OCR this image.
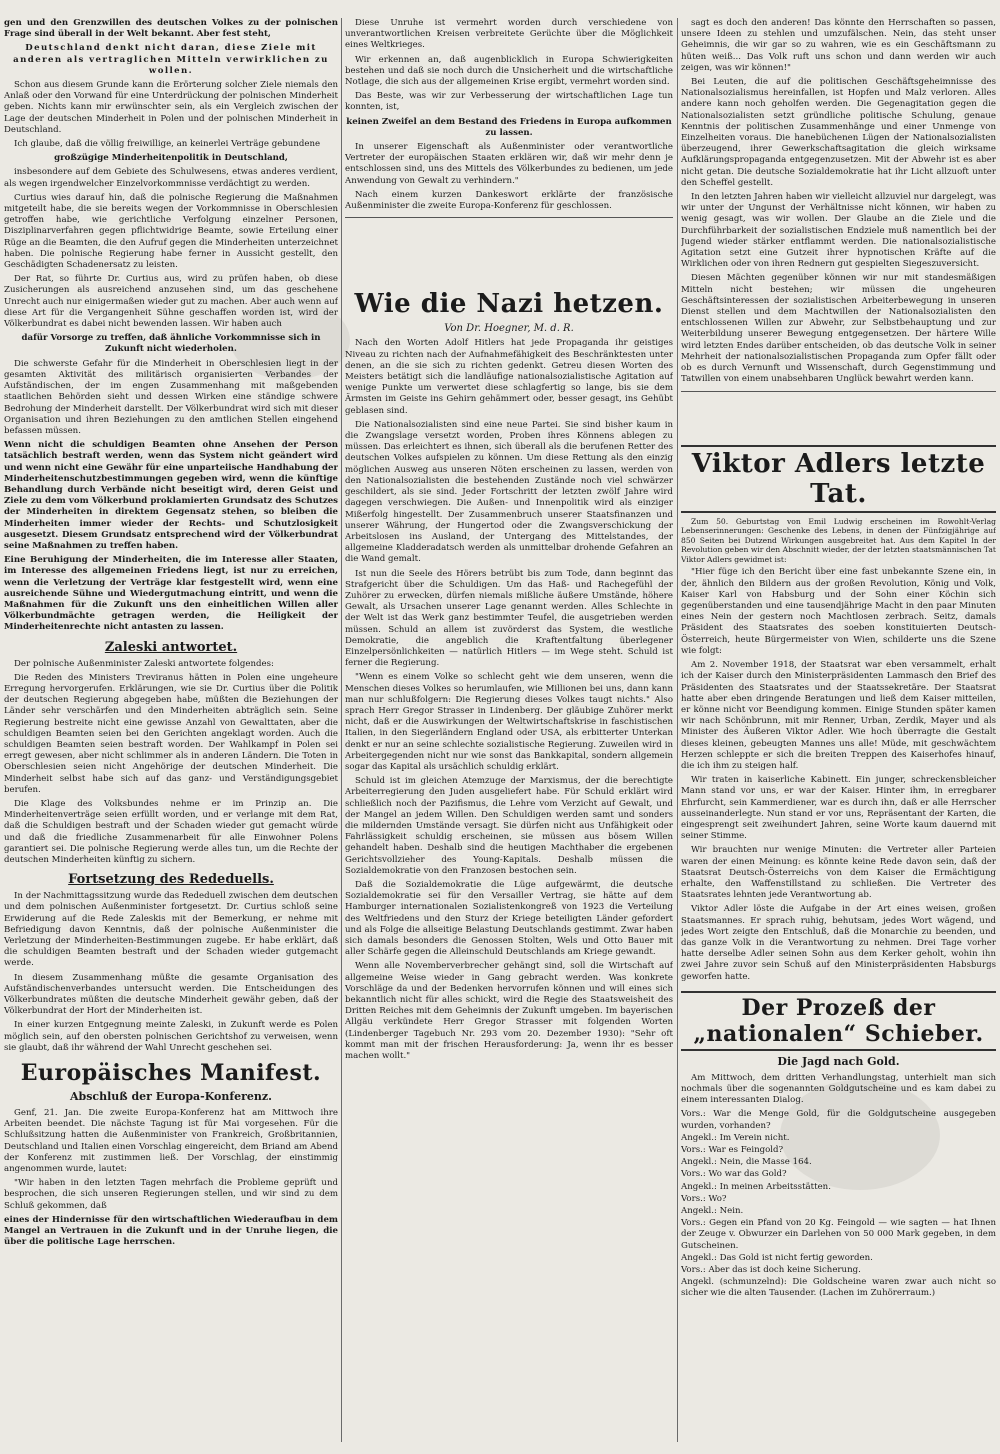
gen und den Grenzwillen des deutschen Volkes zu der polnischen Frage sind überall in der Welt bekannt. Aber fest steht,

Deutschland denkt nicht daran, diese Ziele mit anderen als vertraglichen Mitteln verwirklichen zu wollen.

Schon aus diesem Grunde kann die Erörterung solcher Ziele niemals den Anlaß oder den Vorwand für eine Unterdrückung der polnischen Minderheit geben. Nichts kann mir erwünschter sein, als ein Vergleich zwischen der Lage der deutschen Minderheit in Polen und der polnischen Minderheit in Deutschland.

Ich glaube, daß die völlig freiwillige, an keinerlei Verträge gebundene

großzügige Minderheitenpolitik in Deutschland,

insbesondere auf dem Gebiete des Schulwesens, etwas anderes verdient, als wegen irgendwelcher Einzelvorkommnisse verdächtigt zu werden.

Curtius wies darauf hin, daß die polnische Regierung die Maßnahmen mitgeteilt habe, die sie bereits wegen der Vorkommnisse in Oberschlesien getroffen habe, wie gerichtliche Verfolgung einzelner Personen, Disziplinarverfahren gegen pflichtwidrige Beamte, sowie Erteilung einer Rüge an die Beamten, die den Aufruf gegen die Minderheiten unterzeichnet haben. Die polnische Regierung habe ferner in Aussicht gestellt, den Geschädigten Schadenersatz zu leisten.

Der Rat, so führte Dr. Curtius aus, wird zu prüfen haben, ob diese Zusicherungen als ausreichend anzusehen sind, um das geschehene Unrecht auch nur einigermaßen wieder gut zu machen. Aber auch wenn auf diese Art für die Vergangenheit Sühne geschaffen worden ist, wird der Völkerbundrat es dabei nicht bewenden lassen. Wir haben auch

dafür Vorsorge zu treffen, daß ähnliche Vorkommnisse sich in Zukunft nicht wiederholen.

Die schwerste Gefahr für die Minderheit in Oberschlesien liegt in der gesamten Aktivität des militärisch organisierten Verbandes der Aufständischen, der im engen Zusammenhang mit maßgebenden staatlichen Behörden sieht und dessen Wirken eine ständige schwere Bedrohung der Minderheit darstellt. Der Völkerbundrat wird sich mit dieser Organisation und ihren Beziehungen zu den amtlichen Stellen eingehend befassen müssen.

Wenn nicht die schuldigen Beamten ohne Ansehen der Person tatsächlich bestraft werden, wenn das System nicht geändert wird und wenn nicht eine Gewähr für eine unparteiische Handhabung der Minderheitenschutzbestimmungen gegeben wird, wenn die künftige Behandlung durch Verbände nicht beseitigt wird, deren Geist und Ziele zu dem vom Völkerbund proklamierten Grundsatz des Schutzes der Minderheiten in direktem Gegensatz stehen, so bleiben die Minderheiten immer wieder der Rechts- und Schutzlosigkeit ausgesetzt. Diesem Grundsatz entsprechend wird der Völkerbundrat seine Maßnahmen zu treffen haben.

Eine Beruhigung der Minderheiten, die im Interesse aller Staaten, im Interesse des allgemeinen Friedens liegt, ist nur zu erreichen, wenn die Verletzung der Verträge klar festgestellt wird, wenn eine ausreichende Sühne und Wiedergutmachung eintritt, und wenn die Maßnahmen für die Zukunft uns den einheitlichen Willen aller Völkerbundmächte getragen werden, die Heiligkeit der Minderheitenrechte nicht antasten zu lassen.

Zaleski antwortet.

Der polnische Außenminister Zaleski antwortete folgendes:

Die Reden des Ministers Treviranus hätten in Polen eine ungeheure Erregung hervorgerufen. Erklärungen, wie sie Dr. Curtius über die Politik der deutschen Regierung abgegeben habe, müßten die Beziehungen der Länder sehr verschärfen und den Minderheiten abträglich sein. Seine Regierung bestreite nicht eine gewisse Anzahl von Gewalttaten, aber die schuldigen Beamten seien bei den Gerichten angeklagt worden. Auch die schuldigen Beamten seien bestraft worden. Der Wahlkampf in Polen sei erregt gewesen, aber nicht schlimmer als in anderen Ländern. Die Toten in Oberschlesien seien nicht Angehörige der deutschen Minderheit. Die Minderheit selbst habe sich auf das ganz- und Verständigungsgebiet berufen.

Die Klage des Volksbundes nehme er im Prinzip an. Die Minderheitenverträge seien erfüllt worden, und er verlange mit dem Rat, daß die Schuldigen bestraft und der Schaden wieder gut gemacht würde und daß die friedliche Zusammenarbeit für alle Einwohner Polens garantiert sei. Die polnische Regierung werde alles tun, um die Rechte der deutschen Minderheiten künftig zu sichern.

Fortsetzung des Rededuells.

In der Nachmittagssitzung wurde das Rededuell zwischen dem deutschen und dem polnischen Außenminister fortgesetzt. Dr. Curtius schloß seine Erwiderung auf die Rede Zaleskis mit der Bemerkung, er nehme mit Befriedigung davon Kenntnis, daß der polnische Außenminister die Verletzung der Minderheiten-Bestimmungen zugebe. Er habe erklärt, daß die schuldigen Beamten bestraft und der Schaden wieder gutgemacht werde.

In diesem Zusammenhang müßte die gesamte Organisation des Aufständischenverbandes untersucht werden. Die Entscheidungen des Völkerbundrates müßten die deutsche Minderheit gewähr geben, daß der Völkerbundrat der Hort der Minderheiten ist.

In einer kurzen Entgegnung meinte Zaleski, in Zukunft werde es Polen möglich sein, auf den obersten polnischen Gerichtshof zu verweisen, wenn sie glaubt, daß ihr während der Wahl Unrecht geschehen sei.

Europäisches Manifest.
Abschluß der Europa-Konferenz.

Genf, 21. Jan. Die zweite Europa-Konferenz hat am Mittwoch ihre Arbeiten beendet. Die nächste Tagung ist für Mai vorgesehen. Für die Schlußsitzung hatten die Außenminister von Frankreich, Großbritannien, Deutschland und Italien einen Vorschlag eingereicht, dem Briand am Abend der Konferenz mit zustimmen ließ. Der Vorschlag, der einstimmig angenommen wurde, lautet:

"Wir haben in den letzten Tagen mehrfach die Probleme geprüft und besprochen, die sich unseren Regierungen stellen, und wir sind zu dem Schluß gekommen, daß

eines der Hindernisse für den wirtschaftlichen Wiederaufbau in dem Mangel an Vertrauen in die Zukunft und in der Unruhe liegen, die über die politische Lage herrschen.

Diese Unruhe ist vermehrt worden durch verschiedene von unverantwortlichen Kreisen verbreitete Gerüchte über die Möglichkeit eines Weltkrieges.

Wir erkennen an, daß augenblicklich in Europa Schwierigkeiten bestehen und daß sie noch durch die Unsicherheit und die wirtschaftliche Notlage, die sich aus der allgemeinen Krise ergibt, vermehrt worden sind.

Das Beste, was wir zur Verbesserung der wirtschaftlichen Lage tun konnten, ist,

keinen Zweifel an dem Bestand des Friedens in Europa aufkommen zu lassen.

In unserer Eigenschaft als Außenminister oder verantwortliche Vertreter der europäischen Staaten erklären wir, daß wir mehr denn je entschlossen sind, uns des Mittels des Völkerbundes zu bedienen, um jede Anwendung von Gewalt zu verhindern."

Nach einem kurzen Dankeswort erklärte der französische Außenminister die zweite Europa-Konferenz für geschlossen.

Wie die Nazi hetzen.
Von Dr. Hoegner, M. d. R.

Nach den Worten Adolf Hitlers hat jede Propaganda ihr geistiges Niveau zu richten nach der Aufnahmefähigkeit des Beschränktesten unter denen, an die sie sich zu richten gedenkt. Getreu diesen Worten des Meisters betätigt sich die landläufige nationalsozialistische Agitation auf wenige Punkte um verwertet diese schlagfertig so lange, bis sie dem Ärmsten im Geiste ins Gehirn gehämmert oder, besser gesagt, ins Gehübt geblasen sind.

Die Nationalsozialisten sind eine neue Partei. Sie sind bisher kaum in die Zwangslage versetzt worden, Proben ihres Könnens ablegen zu müssen. Das erleichtert es ihnen, sich überall als die berufenen Retter des deutschen Volkes aufspielen zu können. Um diese Rettung als den einzig möglichen Ausweg aus unseren Nöten erscheinen zu lassen, werden von den Nationalsozialisten die bestehenden Zustände noch viel schwärzer geschildert, als sie sind. Jeder Fortschritt der letzten zwölf Jahre wird dagegen verschwiegen. Die Außen- und Innenpolitik wird als einziger Mißerfolg hingestellt. Der Zusammenbruch unserer Staatsfinanzen und unserer Währung, der Hungertod oder die Zwangsverschickung der Arbeitslosen ins Ausland, der Untergang des Mittelstandes, der allgemeine Kladderadatsch werden als unmittelbar drohende Gefahren an die Wand gemalt.

Ist nun die Seele des Hörers betrübt bis zum Tode, dann beginnt das Strafgericht über die Schuldigen. Um das Haß- und Rachegefühl der Zuhörer zu erwecken, dürfen niemals mißliche äußere Umstände, höhere Gewalt, als Ursachen unserer Lage genannt werden. Alles Schlechte in der Welt ist das Werk ganz bestimmter Teufel, die ausgetrieben werden müssen. Schuld an allem ist zuvörderst das System, die westliche Demokratie, die angeblich die Kraftentfaltung überlegener Einzelpersönlichkeiten — natürlich Hitlers — im Wege steht. Schuld ist ferner die Regierung.

"Wenn es einem Volke so schlecht geht wie dem unseren, wenn die Menschen dieses Volkes so herumlaufen, wie Millionen bei uns, dann kann man nur schlußfolgern: Die Regierung dieses Volkes taugt nichts." Also sprach Herr Gregor Strasser in Lindenberg. Der gläubige Zuhörer merkt nicht, daß er die Auswirkungen der Weltwirtschaftskrise in faschistischen Italien, in den Siegerländern England oder USA, als erbitterter Unterkan denkt er nur an seine schlechte sozialistische Regierung. Zuweilen wird in Arbeitergegenden nicht nur wie sonst das Bankkapital, sondern allgemein sogar das Kapital als ursächlich schuldig erklärt.

Schuld ist im gleichen Atemzuge der Marxismus, der die berechtigte Arbeiterregierung den Juden ausgeliefert habe. Für Schuld erklärt wird schließlich noch der Pazifismus, die Lehre vom Verzicht auf Gewalt, und der Mangel an jedem Willen. Den Schuldigen werden samt und sonders die mildernden Umstände versagt. Sie dürfen nicht aus Unfähigkeit oder Fahrlässigkeit schuldig erscheinen, sie müssen aus bösem Willen gehandelt haben. Deshalb sind die heutigen Machthaber die ergebenen Gerichtsvollzieher des Young-Kapitals. Deshalb müssen die Sozialdemokratie von den Franzosen bestochen sein.

Daß die Sozialdemokratie die Lüge aufgewärmt, die deutsche Sozialdemokratie sei für den Versailler Vertrag, sie hätte auf dem Hamburger internationalen Sozialistenkongreß von 1923 die Verteilung des Weltfriedens und den Sturz der Kriege beteiligten Länder gefordert und als Folge die allseitige Belastung Deutschlands gestimmt. Zwar haben sich damals besonders die Genossen Stolten, Wels und Otto Bauer mit aller Schärfe gegen die Alleinschuld Deutschlands am Kriege gewandt.

Wenn alle Novemberverbrecher gehängt sind, soll die Wirtschaft auf allgemeine Weise wieder in Gang gebracht werden. Was konkrete Vorschläge da und der Bedenken hervorrufen können und will eines sich bekanntlich nicht für alles schickt, wird die Regie des Staatsweisheit des Dritten Reiches mit dem Geheimnis der Zukunft umgeben. Im bayerischen Allgäu verkündete Herr Gregor Strasser mit folgenden Worten (Lindenberger Tagebuch Nr. 293 vom 20. Dezember 1930): "Sehr oft kommt man mit der frischen Herausforderung: Ja, wenn ihr es besser machen wollt."

sagt es doch den anderen! Das könnte den Herrschaften so passen, unsere Ideen zu stehlen und umzufälschen. Nein, das steht unser Geheimnis, die wir gar so zu wahren, wie es ein Geschäftsmann zu hüten weiß... Das Volk ruft uns schon und dann werden wir auch zeigen, was wir können!"

Bei Leuten, die auf die politischen Geschäftsgeheimnisse des Nationalsozialismus hereinfallen, ist Hopfen und Malz verloren. Alles andere kann noch geholfen werden. Die Gegenagitation gegen die Nationalsozialisten setzt gründliche politische Schulung, genaue Kenntnis der politischen Zusammenhänge und einer Unmenge von Einzelheiten voraus. Die hanebüchenen Lügen der Nationalsozialisten überzeugend, ihrer Gewerkschaftsagitation die gleich wirksame Aufklärungspropaganda entgegenzusetzen. Mit der Abwehr ist es aber nicht getan. Die deutsche Sozialdemokratie hat ihr Licht allzuoft unter den Scheffel gestellt.

In den letzten Jahren haben wir vielleicht allzuviel nur dargelegt, was wir unter der Ungunst der Verhältnisse nicht können, wir haben zu wenig gesagt, was wir wollen. Der Glaube an die Ziele und die Durchführbarkeit der sozialistischen Endziele muß namentlich bei der Jugend wieder stärker entflammt werden. Die nationalsozialistische Agitation setzt eine Gutzeit ihrer hypnotischen Kräfte auf die Wirklichen oder von ihren Rednern gut gespielten Siegeszuversicht.

Diesen Mächten gegenüber können wir nur mit standesmäßigen Mitteln nicht bestehen; wir müssen die ungeheuren Geschäftsinteressen der sozialistischen Arbeiterbewegung in unseren Dienst stellen und dem Machtwillen der Nationalsozialisten den entschlossenen Willen zur Abwehr, zur Selbstbehauptung und zur Weiterbildung unserer Bewegung entgegensetzen. Der härtere Wille wird letzten Endes darüber entscheiden, ob das deutsche Volk in seiner Mehrheit der nationalsozialistischen Propaganda zum Opfer fällt oder ob es durch Vernunft und Wissenschaft, durch Gegenstimmung und Tatwillen von einem unabsehbaren Unglück bewahrt werden kann.

Viktor Adlers letzte Tat.

Zum 50. Geburtstag von Emil Ludwig erscheinen im Rowohlt-Verlag Lebenserinnerungen: Geschenke des Lebens, in denen der Fünfzigjährige auf 850 Seiten bei Dutzend Wirkungen ausgebreitet hat. Aus dem Kapitel In der Revolution geben wir den Abschnitt wieder, der der letzten staatsmännischen Tat Viktor Adlers gewidmet ist:

"Hier füge ich den Bericht über eine fast unbekannte Szene ein, in der, ähnlich den Bildern aus der großen Revolution, König und Volk, Kaiser Karl von Habsburg und der Sohn einer Köchin sich gegenüberstanden und eine tausendjährige Macht in den paar Minuten eines Nein der gestern noch Machtlosen zerbrach. Seitz, damals Präsident des Staatsrates des soeben konstituierten Deutsch-Österreich, heute Bürgermeister von Wien, schilderte uns die Szene wie folgt:

Am 2. November 1918, der Staatsrat war eben versammelt, erhalt ich der Kaiser durch den Ministerpräsidenten Lammasch den Brief des Präsidenten des Staatsrates und der Staatssekretäre. Der Staatsrat hatte aber eben dringende Beratungen und ließ dem Kaiser mitteilen, er könne nicht vor Beendigung kommen. Einige Stunden später kamen wir nach Schönbrunn, mit mir Renner, Urban, Zerdik, Mayer und als Minister des Äußeren Viktor Adler. Wie hoch überragte die Gestalt dieses kleinen, gebeugten Mannes uns alle! Müde, mit geschwächtem Herzen schleppte er sich die breiten Treppen des Kaiserhofes hinauf, die ich ihm zu steigen half.

Wir traten in kaiserliche Kabinett. Ein junger, schreckensbleicher Mann stand vor uns, er war der Kaiser. Hinter ihm, in erregbarer Ehrfurcht, sein Kammerdiener, war es durch ihn, daß er alle Herrscher ausseinanderlegte. Nun stand er vor uns, Repräsentant der Karten, die eingesprengt seit zweihundert Jahren, seine Worte kaum dauernd mit seiner Stimme.

Wir brauchten nur wenige Minuten: die Vertreter aller Parteien waren der einen Meinung: es könnte keine Rede davon sein, daß der Staatsrat Deutsch-Österreichs von dem Kaiser die Ermächtigung erhalte, den Waffenstillstand zu schließen. Die Vertreter des Staatsrates lehnten jede Verantwortung ab.

Viktor Adler löste die Aufgabe in der Art eines weisen, großen Staatsmannes. Er sprach ruhig, behutsam, jedes Wort wägend, und jedes Wort zeigte den Entschluß, daß die Monarchie zu beenden, und das ganze Volk in die Verantwortung zu nehmen. Drei Tage vorher hatte derselbe Adler seinen Sohn aus dem Kerker geholt, wohin ihn zwei Jahre zuvor sein Schuß auf den Ministerpräsidenten Habsburgs geworfen hatte.

Der Prozeß der „nationalen“ Schieber.
Die Jagd nach Gold.

Am Mittwoch, dem dritten Verhandlungstag, unterhielt man sich nochmals über die sogenannten Goldgutscheine und es kam dabei zu einem interessanten Dialog.

Vors.: War die Menge Gold, für die Goldgutscheine ausgegeben wurden, vorhanden?

Angekl.: Im Verein nicht.

Vors.: War es Feingold?

Angekl.: Nein, die Masse 164.

Vors.: Wo war das Gold?

Angekl.: In meinen Arbeitsstätten.

Vors.: Wo?

Angekl.: Nein.

Vors.: Gegen ein Pfand von 20 Kg. Feingold — wie sagten — hat Ihnen der Zeuge v. Obwurzer ein Darlehen von 50 000 Mark gegeben, in dem Gutscheinen.

Angekl.: Das Gold ist nicht fertig geworden.

Vors.: Aber das ist doch keine Sicherung.

Angekl. (schmunzelnd): Die Goldscheine waren zwar auch nicht so sicher wie die alten Tausender. (Lachen im Zuhörerraum.)
